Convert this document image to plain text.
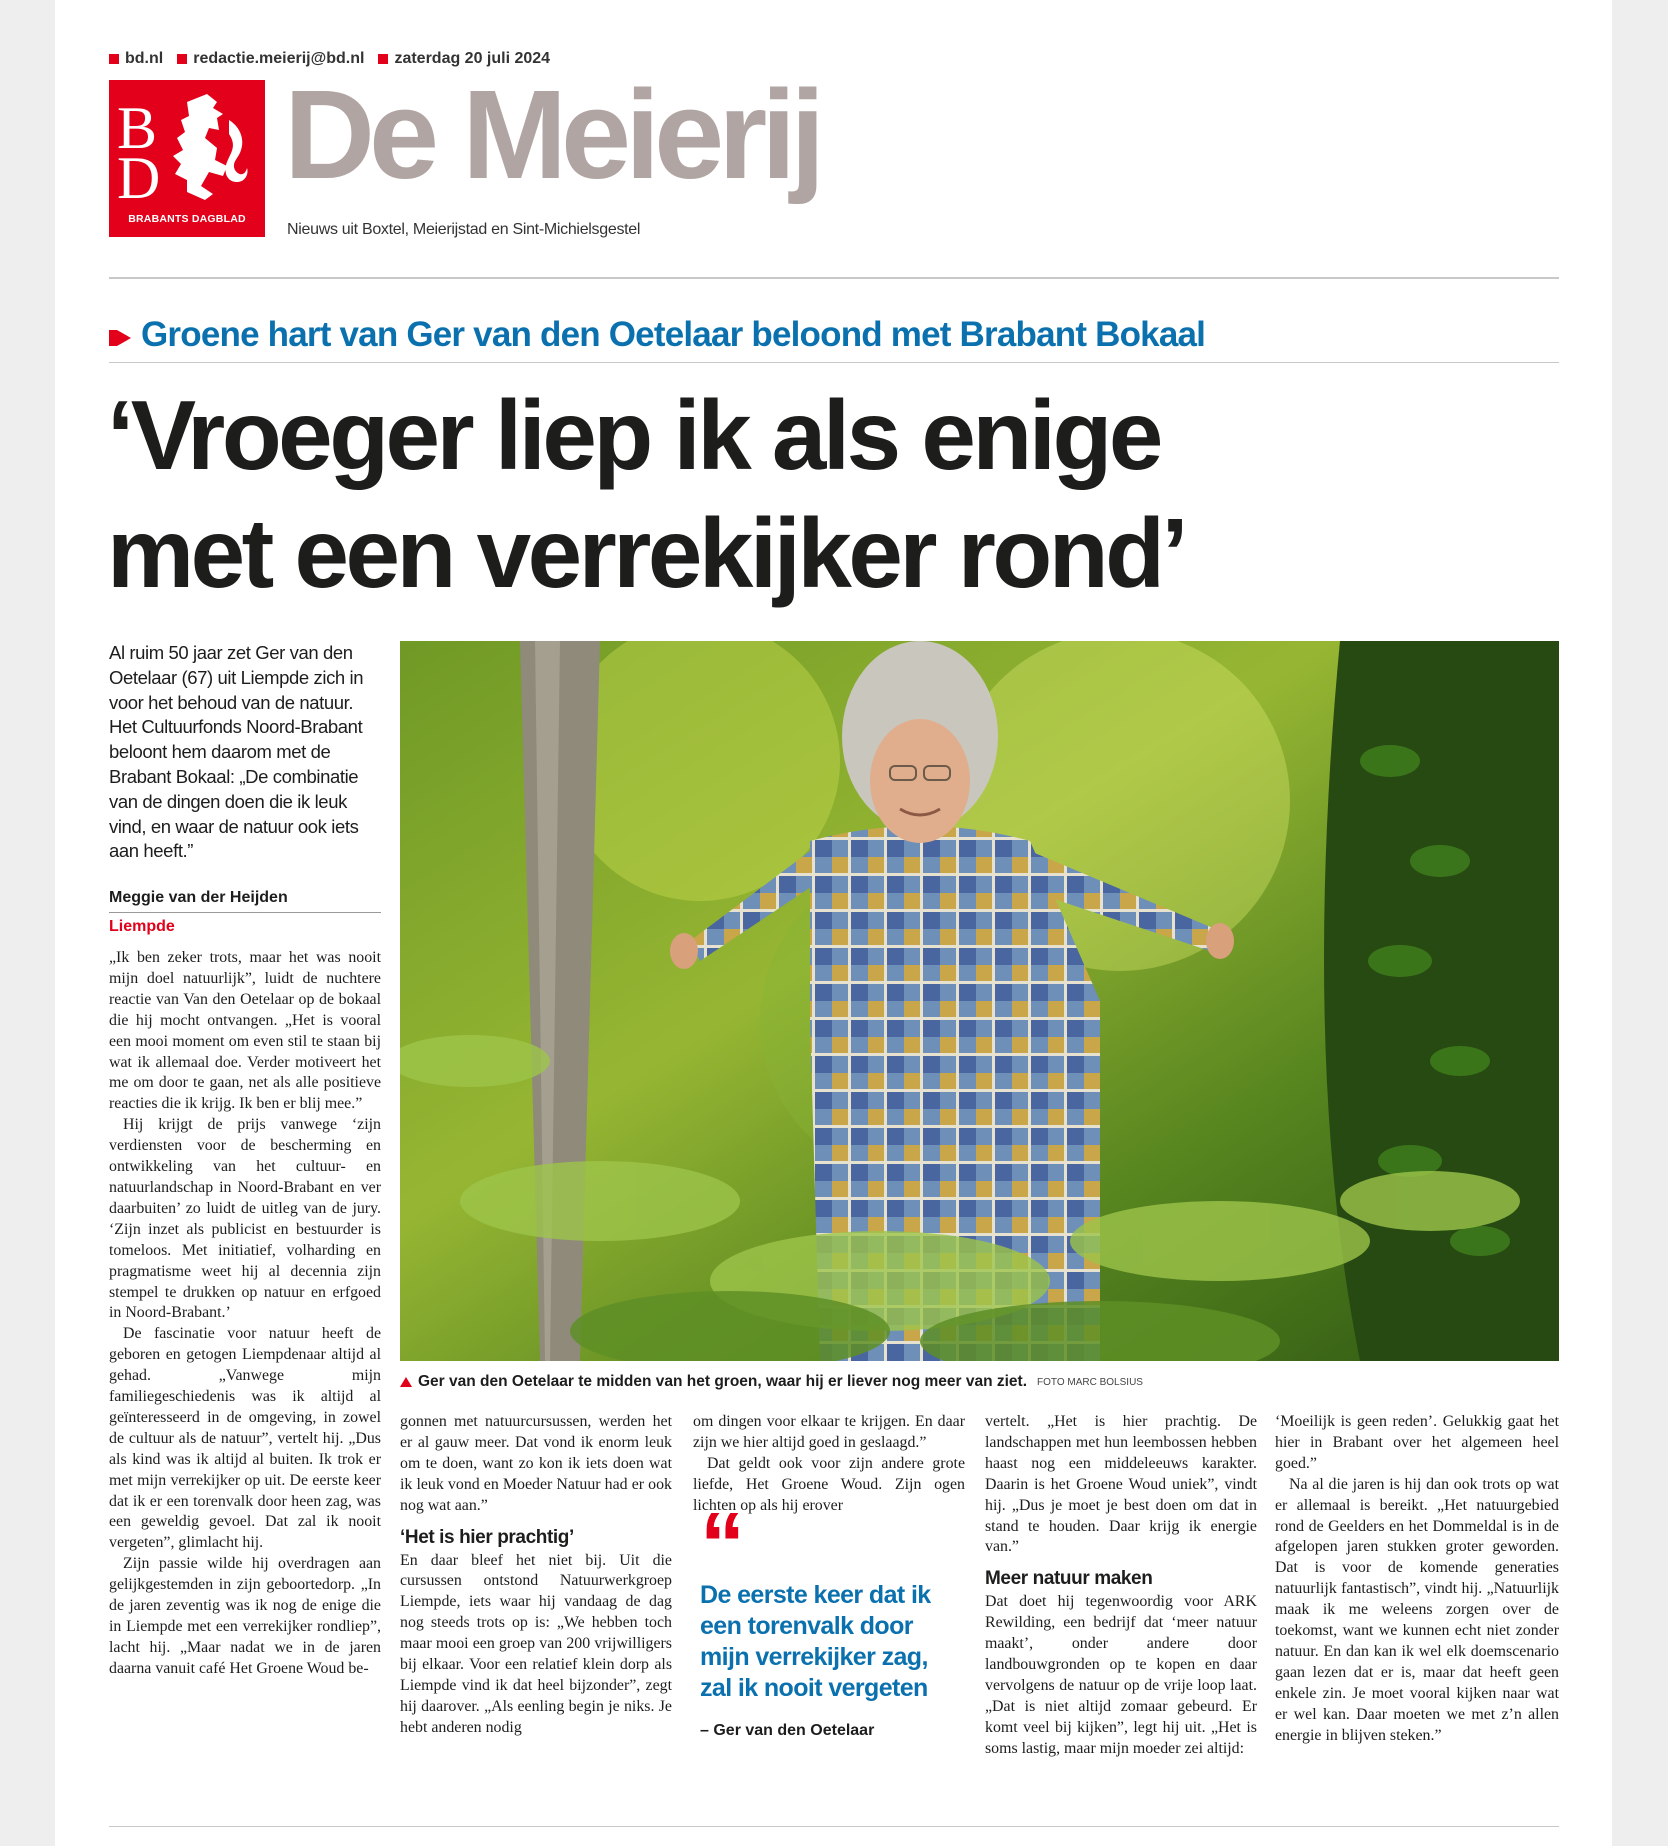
bd.nl redactie.meierij@bd.nl zaterdag 20 juli 2024
B
D
BRABANTS DAGBLAD
De Meierij
Nieuws uit Boxtel, Meierijstad en Sint-Michielsgestel
Groene hart van Ger van den Oetelaar beloond met Brabant Bokaal
‘Vroeger liep ik als enige
met een verrekijker rond’
Al ruim 50 jaar zet Ger van den Oetelaar (67) uit Liempde zich in voor het behoud van de natuur. Het Cultuurfonds Noord-Brabant beloont hem daarom met de Brabant Bokaal: „De combinatie van de dingen doen die ik leuk vind, en waar de natuur ook iets aan heeft.”
Meggie van der Heijden
Liempde

„Ik ben zeker trots, maar het was nooit mijn doel natuurlijk”, luidt de nuchtere reactie van Van den Oetelaar op de bokaal die hij mocht ontvangen. „Het is vooral een mooi moment om even stil te staan bij wat ik allemaal doe. Verder motiveert het me om door te gaan, net als alle positieve reacties die ik krijg. Ik ben er blij mee.”

Hij krijgt de prijs vanwege ‘zijn verdiensten voor de bescherming en ontwikkeling van het cultuur- en natuurlandschap in Noord-Brabant en ver daarbuiten’ zo luidt de uitleg van de jury. ‘Zijn inzet als publicist en bestuurder is tomeloos. Met initiatief, volharding en pragmatisme weet hij al decennia zijn stempel te drukken op natuur en erfgoed in Noord-Brabant.’

De fascinatie voor natuur heeft de geboren en getogen Liempdenaar altijd al gehad. „Vanwege mijn familiegeschiedenis was ik altijd al geïnteresseerd in de omgeving, in zowel de cultuur als de natuur”, vertelt hij. „Dus als kind was ik altijd al buiten. Ik trok er met mijn verrekijker op uit. De eerste keer dat ik er een torenvalk door heen zag, was een geweldig gevoel. Dat zal ik nooit vergeten”, glimlacht hij.

Zijn passie wilde hij overdragen aan gelijkgestemden in zijn geboortedorp. „In de jaren zeventig was ik nog de enige die in Liempde met een verrekijker rondliep”, lacht hij. „Maar nadat we in de jaren daarna vanuit café Het Groene Woud be-

Ger van den Oetelaar te midden van het groen, waar hij er liever nog meer van ziet. FOTO MARC BOLSIUS

gonnen met natuurcursussen, werden het er al gauw meer. Dat vond ik enorm leuk om te doen, want zo kon ik iets doen wat ik leuk vond en Moeder Natuur had er ook nog wat aan.”

‘Het is hier prachtig’

En daar bleef het niet bij. Uit die cursussen ontstond Natuurwerkgroep Liempde, iets waar hij vandaag de dag nog steeds trots op is: „We hebben toch maar mooi een groep van 200 vrijwilligers bij elkaar. Voor een relatief klein dorp als Liempde vind ik dat heel bijzonder”, zegt hij daarover. „Als eenling begin je niks. Je hebt anderen nodig

om dingen voor elkaar te krijgen. En daar zijn we hier altijd goed in geslaagd.”

Dat geldt ook voor zijn andere grote liefde, Het Groene Woud. Zijn ogen lichten op als hij erover

“
De eerste keer dat ik een torenvalk door mijn verrekijker zag, zal ik nooit vergeten
– Ger van den Oetelaar

vertelt. „Het is hier prachtig. De landschappen met hun leembossen hebben haast nog een middeleeuws karakter. Daarin is het Groene Woud uniek”, vindt hij. „Dus je moet je best doen om dat in stand te houden. Daar krijg ik energie van.”

Meer natuur maken

Dat doet hij tegenwoordig voor ARK Rewilding, een bedrijf dat ‘meer natuur maakt’, onder andere door landbouwgronden op te kopen en daar vervolgens de natuur op de vrije loop laat. „Dat is niet altijd zomaar gebeurd. Er komt veel bij kijken”, legt hij uit. „Het is soms lastig, maar mijn moeder zei altijd:

‘Moeilijk is geen reden’. Gelukkig gaat het hier in Brabant over het algemeen heel goed.”

Na al die jaren is hij dan ook trots op wat er allemaal is bereikt. „Het natuurgebied rond de Geelders en het Dommeldal is in de afgelopen jaren stukken groter geworden. Dat is voor de komende generaties natuurlijk fantastisch”, vindt hij. „Natuurlijk maak ik me weleens zorgen over de toekomst, want we kunnen echt niet zonder natuur. En dan kan ik wel elk doemscenario gaan lezen dat er is, maar dat heeft geen enkele zin. Je moet vooral kijken naar wat er wel kan. Daar moeten we met z’n allen energie in blijven steken.”
